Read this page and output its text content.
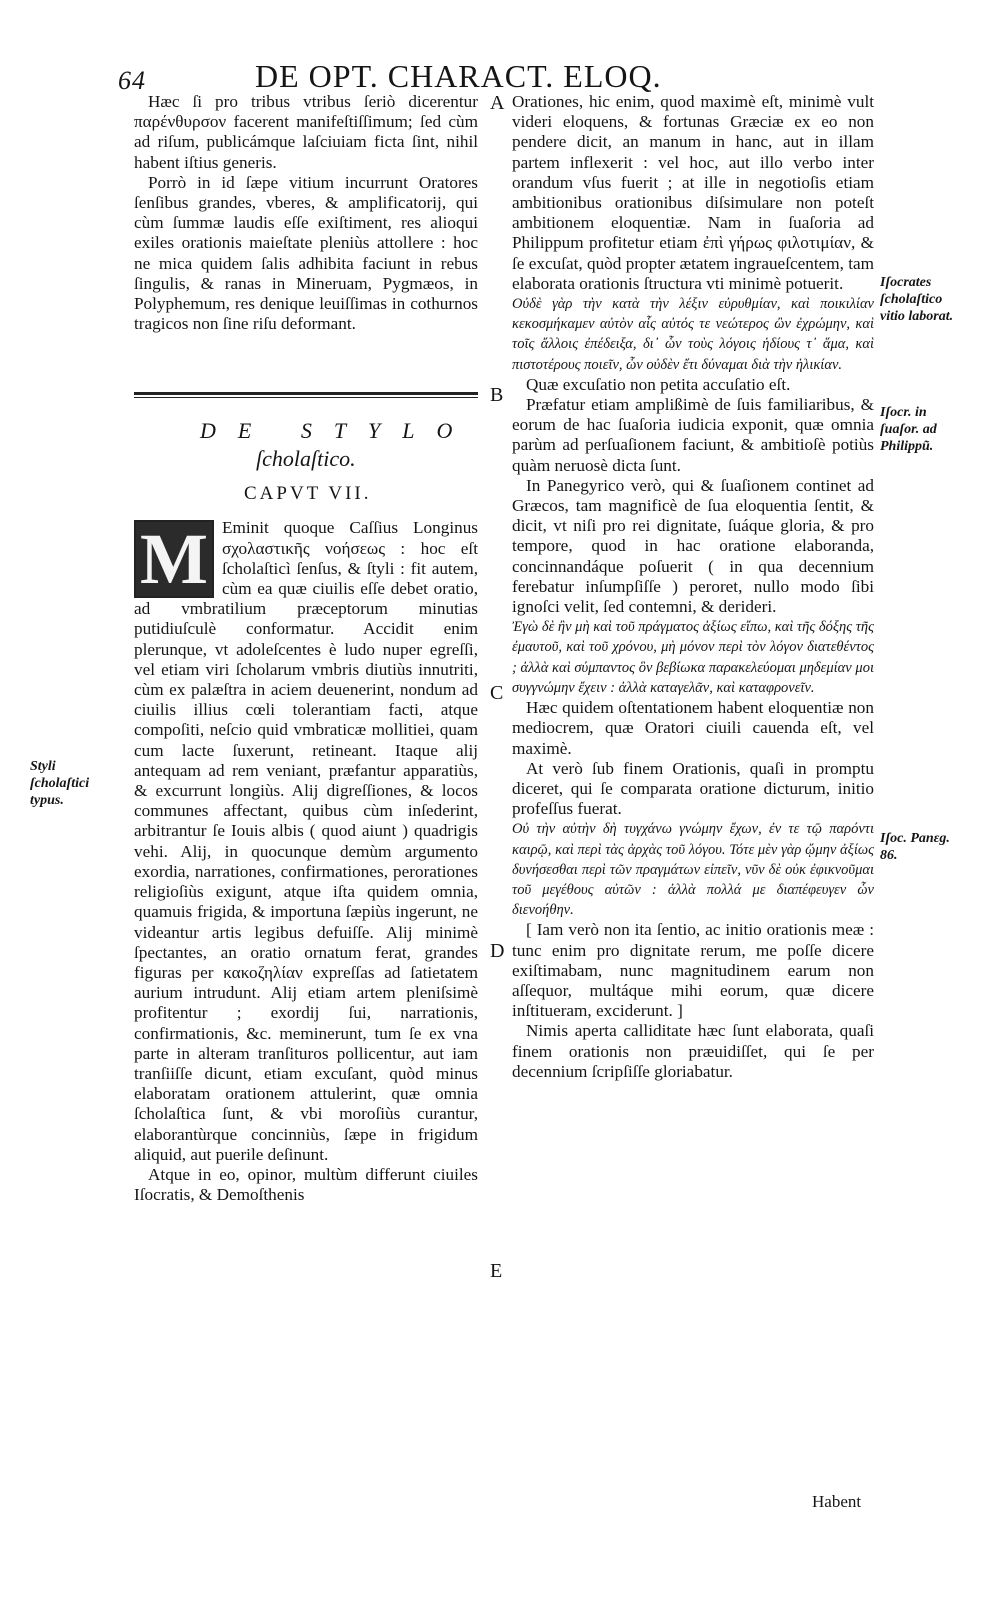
64	DE OPT. CHARACT. ELOQ.

Hæc ſi pro tribus vtribus ſeriò dicerentur παρένθυρσον facerent manifeſtiſſimum; ſed cùm ad riſum, publicámque laſciuiam ficta ſint, nihil habent iſtius generis.

Porrò in id ſæpe vitium incurrunt Oratores ſenſibus grandes, vberes, & amplificatorij, qui cùm ſummæ laudis eſſe exiſtiment, res alioqui exiles orationis maieſtate pleniùs attollere : hoc ne mica quidem ſalis adhibita faciunt in rebus ſingulis, & ranas in Mineruam, Pygmæos, in Polyphemum, res denique leuiſſimas in cothurnos tragicos non ſine riſu deformant.

DE STYLO
ſcholaſtico.
CAPVT VII.
M Eminit quoque Caſſius Longinus σχολαστικῆς νοήσεως : hoc eſt ſcholaſticì ſenſus, & ſtyli : fit autem, cùm ea quæ ciuilis eſſe debet oratio, ad vmbratilium præceptorum minutias putidiuſculè conformatur. Accidit enim plerunque, vt adoleſcentes è ludo nuper egreſſi, vel etiam viri ſcholarum vmbris diutiùs innutriti, cùm ex palæſtra in aciem deuenerint, nondum ad ciuilis illius cœli tolerantiam facti, atque compoſiti, neſcio quid vmbraticæ mollitiei, quam cum lacte ſuxerunt, retineant. Itaque alij antequam ad rem veniant, præfantur apparatiùs, & excurrunt longiùs. Alij digreſſiones, & locos communes affectant, quibus cùm inſederint, arbitrantur ſe Iouis albis ( quod aiunt ) quadrigis vehi. Alij, in quocunque demùm argumento exordia, narrationes, confirmationes, perorationes religioſiùs exigunt, atque iſta quidem omnia, quamuis frigida, & importuna ſæpiùs ingerunt, ne videantur artis legibus defuiſſe. Alij minimè ſpectantes, an oratio ornatum ferat, grandes figuras per κακοζηλίαν expreſſas ad ſatietatem aurium intrudunt. Alij etiam artem pleniſsimè profitentur ; exordij ſui, narrationis, confirmationis, &c. meminerunt, tum ſe ex vna parte in alteram tranſituros pollicentur, aut iam tranſiiſſe dicunt, etiam excuſant, quòd minus elaboratam orationem attulerint, quæ omnia ſcholaſtica ſunt, & vbi moroſiùs curantur, elaborantùrque concinniùs, ſæpe in frigidum aliquid, aut puerile deſinunt.

Atque in eo, opinor, multùm differunt ciuiles Iſocratis, & Demoſthenis

Orationes, hic enim, quod maximè eſt, minimè vult videri eloquens, & fortunas Græciæ ex eo non pendere dicit, an manum in hanc, aut in illam partem inflexerit : vel hoc, aut illo verbo inter orandum vſus fuerit ; at ille in negotioſis etiam ambitionibus orationibus diſsimulare non poteſt ambitionem eloquentiæ. Nam in ſuaſoria ad Philippum profitetur etiam ἐπὶ γήρως φιλοτιμίαν, & ſe excuſat, quòd propter ætatem ingraueſcentem, tam elaborata orationis ſtructura vti minimè potuerit.

Οὐδὲ γὰρ τὴν κατὰ τὴν λέξιν εὐρυθμίαν, καὶ ποικιλίαν κεκοσμήκαμεν αὐτὸν αἷς αὐτός τε νεώτερος ὢν ἐχρώμην, καὶ τοῖς ἄλλοις ἐπέδειξα, δι᾽ ὧν τοὺς λόγοις ἡδίους τ᾽ ἅμα, καὶ πιστοτέρους ποιεῖν, ὧν οὐδὲν ἔτι δύναμαι διὰ τὴν ἡλικίαν.

Quæ excuſatio non petita accuſatio eſt.

Præfatur etiam amplißimè de ſuis familiaribus, & eorum de hac ſuaſoria iudicia exponit, quæ omnia parùm ad perſuaſionem faciunt, & ambitioſè potiùs quàm neruosè dicta ſunt.

In Panegyrico verò, qui & ſuaſionem continet ad Græcos, tam magnificè de ſua eloquentia ſentit, & dicit, vt niſi pro rei dignitate, ſuáque gloria, & pro tempore, quod in hac oratione elaboranda, concinnandáque poſuerit ( in qua decennium ferebatur inſumpſiſſe ) peroret, nullo modo ſibi ignoſci velit, ſed contemni, & derideri.

Ἐγὼ δὲ ἢν μὴ καὶ τοῦ πράγματος ἀξίως εἴπω, καὶ τῆς δόξης τῆς ἐμαυτοῦ, καὶ τοῦ χρόνου, μὴ μόνον περὶ τὸν λόγον διατεθέντος ; ἀλλὰ καὶ σύμπαντος ὃν βεβίωκα παρακελεύομαι μηδεμίαν μοι συγγνώμην ἔχειν : ἀλλὰ καταγελᾶν, καὶ καταφρονεῖν.

Hæc quidem oſtentationem habent eloquentiæ non mediocrem, quæ Oratori ciuili cauenda eſt, vel maximè.

At verò ſub finem Orationis, quaſi in promptu diceret, qui ſe comparata oratione dicturum, initio profeſſus fuerat.

Οὐ τὴν αὐτὴν δὴ τυγχάνω γνώμην ἔχων, ἐν τε τῷ παρόντι καιρῷ, καὶ περὶ τὰς ἀρχὰς τοῦ λόγου. Τότε μὲν γὰρ ᾤμην ἀξίως δυνήσεσθαι περὶ τῶν πραγμάτων εἰπεῖν, νῦν δὲ οὐκ ἐφικνοῦμαι τοῦ μεγέθους αὐτῶν : ἀλλὰ πολλά με διαπέφευγεν ὧν διενοήθην.

[ Iam verò non ita ſentio, ac initio orationis meæ : tunc enim pro dignitate rerum, me poſſe dicere exiſtimabam, nunc magnitudinem earum non aſſequor, multáque mihi eorum, quæ dicere inſtitueram, exciderunt. ]

Nimis aperta calliditate hæc ſunt elaborata, quaſi finem orationis non præuidiſſet, qui ſe per decennium ſcripſiſſe gloriabatur.

A
B
C
D
E
Iſocrates ſcholaſtico vitio laborat.
Iſocr. in ſuaſor. ad Philippũ.
Styli ſcholaſtici typus.
Iſoc. Panεg. 86.
Habent
